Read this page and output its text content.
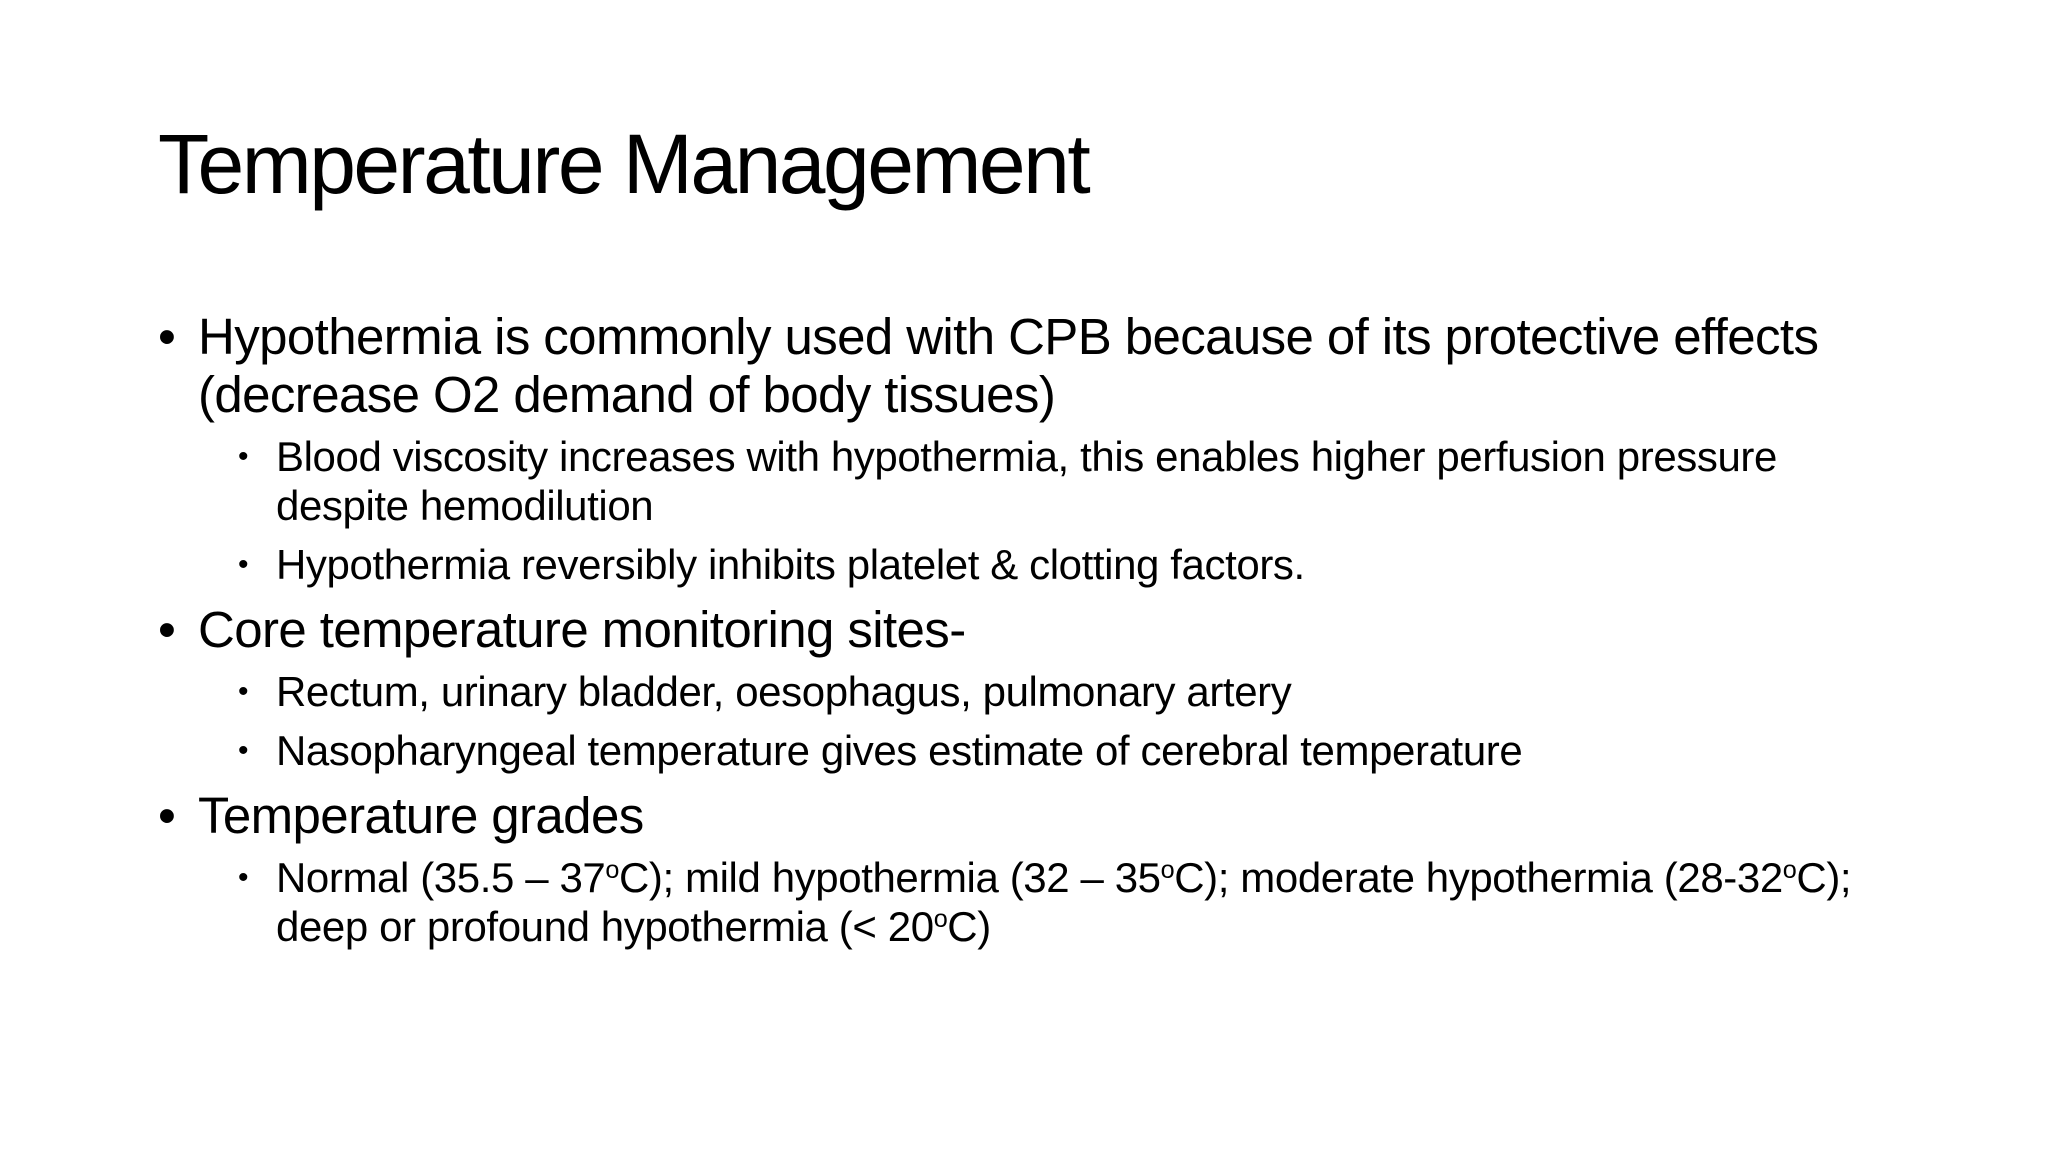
Temperature Management
• Hypothermia is commonly used with CPB because of its protective effects (decrease O2 demand of body tissues)
• Blood viscosity increases with hypothermia, this enables higher perfusion pressure despite hemodilution
• Hypothermia reversibly inhibits platelet & clotting factors.
• Core temperature monitoring sites-
• Rectum, urinary bladder, oesophagus, pulmonary artery
• Nasopharyngeal temperature gives estimate of cerebral temperature
• Temperature grades
• Normal (35.5 – 37$^o$C); mild hypothermia (32 – 35$^o$C); moderate hypothermia (28-32$^o$C); deep or profound hypothermia (< $20^oC$)
